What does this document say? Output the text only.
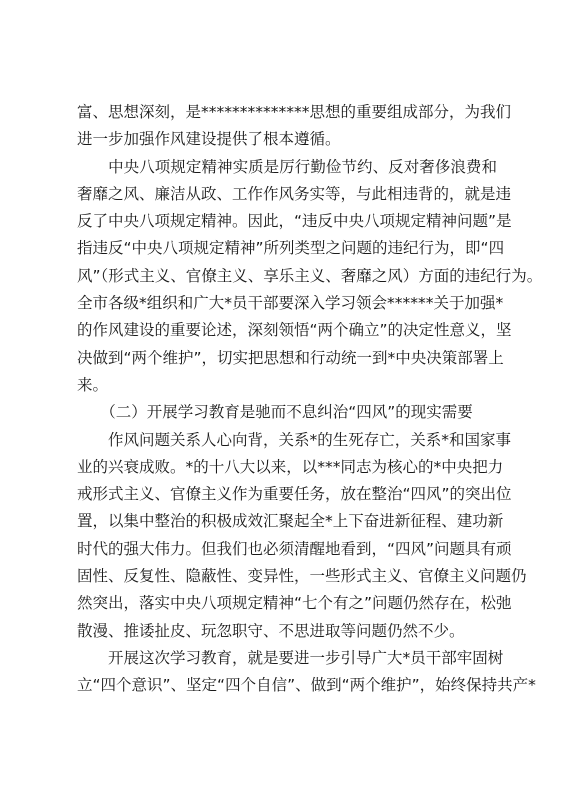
富、思想深刻，是**************思想的重要组成部分，为我们
进一步加强作风建设提供了根本遵循。
　　中央八项规定精神实质是厉行勤俭节约、反对奢侈浪费和
奢靡之风、廉洁从政、工作作风务实等，与此相违背的，就是违
反了中央八项规定精神。因此，“违反中央八项规定精神问题”是
指违反“中央八项规定精神”所列类型之问题的违纪行为，即“四
风”（形式主义、官僚主义、享乐主义、奢靡之风）方面的违纪行为。
全市各级*组织和广大*员干部要深入学习领会******关于加强*
的作风建设的重要论述，深刻领悟“两个确立”的决定性意义，坚
决做到“两个维护”，切实把思想和行动统一到*中央决策部署上
来。
　　（二）开展学习教育是驰而不息纠治“四风”的现实需要
　　作风问题关系人心向背，关系*的生死存亡，关系*和国家事
业的兴衰成败。*的十八大以来，以***同志为核心的*中央把力
戒形式主义、官僚主义作为重要任务，放在整治“四风”的突出位
置，以集中整治的积极成效汇聚起全*上下奋进新征程、建功新
时代的强大伟力。但我们也必须清醒地看到，“四风”问题具有顽
固性、反复性、隐蔽性、变异性，一些形式主义、官僚主义问题仍
然突出，落实中央八项规定精神“七个有之”问题仍然存在，松弛
散漫、推诿扯皮、玩忽职守、不思进取等问题仍然不少。
　　开展这次学习教育，就是要进一步引导广大*员干部牢固树
立“四个意识”、坚定“四个自信”、做到“两个维护”，始终保持共产*
